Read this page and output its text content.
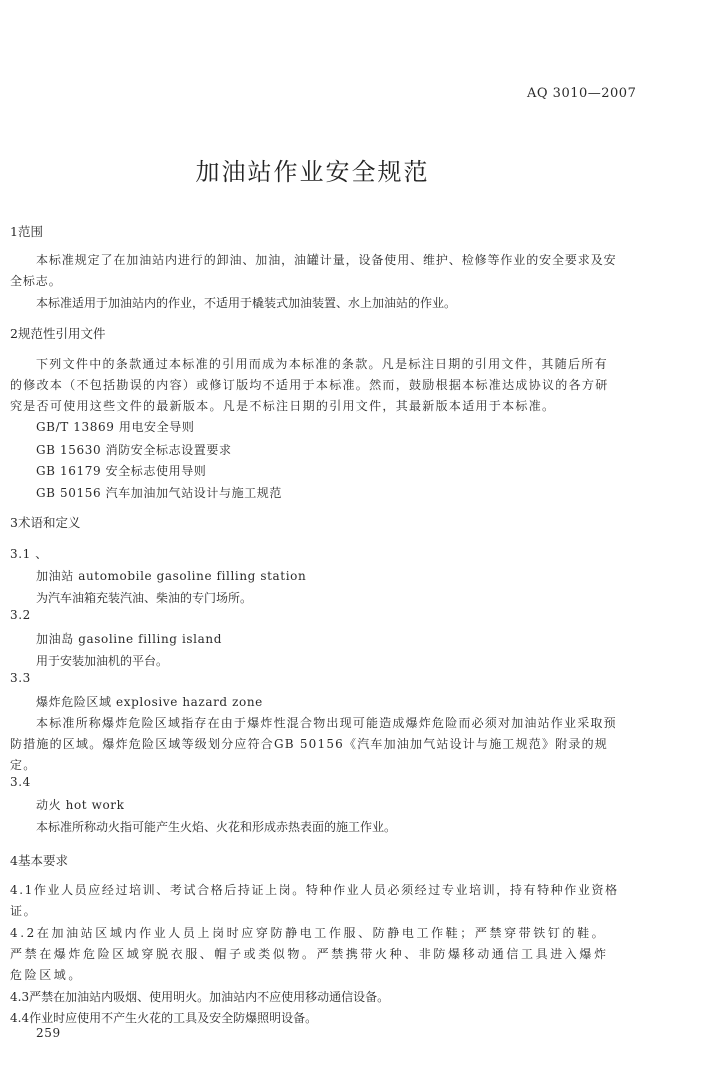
AQ 3010—2007
加油站作业安全规范
1范围
本标准规定了在加油站内进行的卸油、加油，油罐计量，设备使用、维护、检修等作业的安全要求及安全标志。
本标准适用于加油站内的作业，不适用于橇装式加油装置、水上加油站的作业。
2规范性引用文件
下列文件中的条款通过本标准的引用而成为本标准的条款。凡是标注日期的引用文件，其随后所有的修改本（不包括勘误的内容）或修订版均不适用于本标准。然而，鼓励根据本标准达成协议的各方研究是否可使用这些文件的最新版本。凡是不标注日期的引用文件，其最新版本适用于本标准。
GB/T 13869 用电安全导则
GB 15630 消防安全标志设置要求
GB 16179 安全标志使用导则
GB 50156 汽车加油加气站设计与施工规范
3术语和定义
3.1 、
加油站 automobile gasoline filling station
为汽车油箱充装汽油、柴油的专门场所。
3.2
加油岛 gasoline filling island
用于安装加油机的平台。
3.3
爆炸危险区域 explosive hazard zone
本标准所称爆炸危险区域指存在由于爆炸性混合物出现可能造成爆炸危险而必须对加油站作业采取预防措施的区域。爆炸危险区域等级划分应符合GB 50156《汽车加油加气站设计与施工规范》附录的规定。
3.4
动火 hot work
本标准所称动火指可能产生火焰、火花和形成赤热表面的施工作业。
4基本要求
4.1作业人员应经过培训、考试合格后持证上岗。特种作业人员必须经过专业培训，持有特种作业资格证。
4.2在加油站区域内作业人员上岗时应穿防静电工作服、防静电工作鞋；严禁穿带铁钉的鞋。严禁在爆炸危险区域穿脱衣服、帽子或类似物。严禁携带火种、非防爆移动通信工具进入爆炸危险区域。
4.3严禁在加油站内吸烟、使用明火。加油站内不应使用移动通信设备。
4.4作业时应使用不产生火花的工具及安全防爆照明设备。
259
